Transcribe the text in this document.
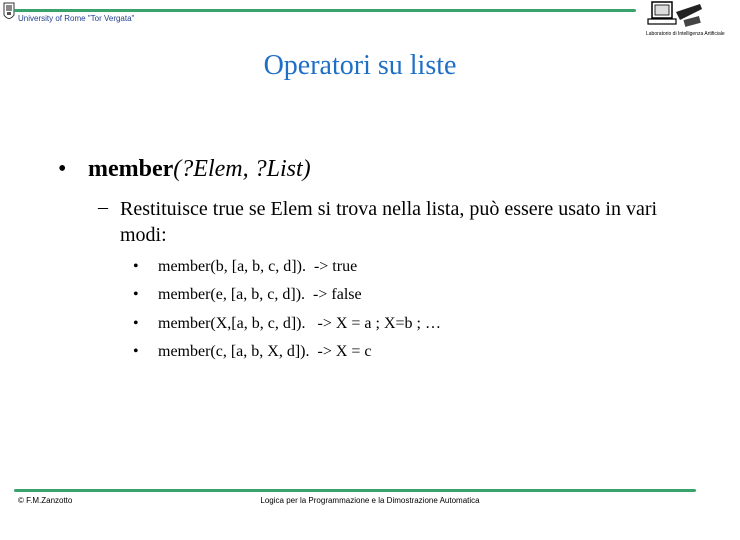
University of Rome "Tor Vergata"
Laboratorio di Intelligenza Artificiale
Operatori su liste
• member(?Elem, ?List)
– Restituisce true se Elem si trova nella lista, può essere usato in vari modi:
• member(b, [a, b, c, d]).  -> true
• member(e, [a, b, c, d]).  -> false
• member(X,[a, b, c, d]).   -> X = a ; X=b ; …
• member(c, [a, b, X, d]).  -> X = c
© F.M.Zanzotto	Logica per la Programmazione e la Dimostrazione Automatica
